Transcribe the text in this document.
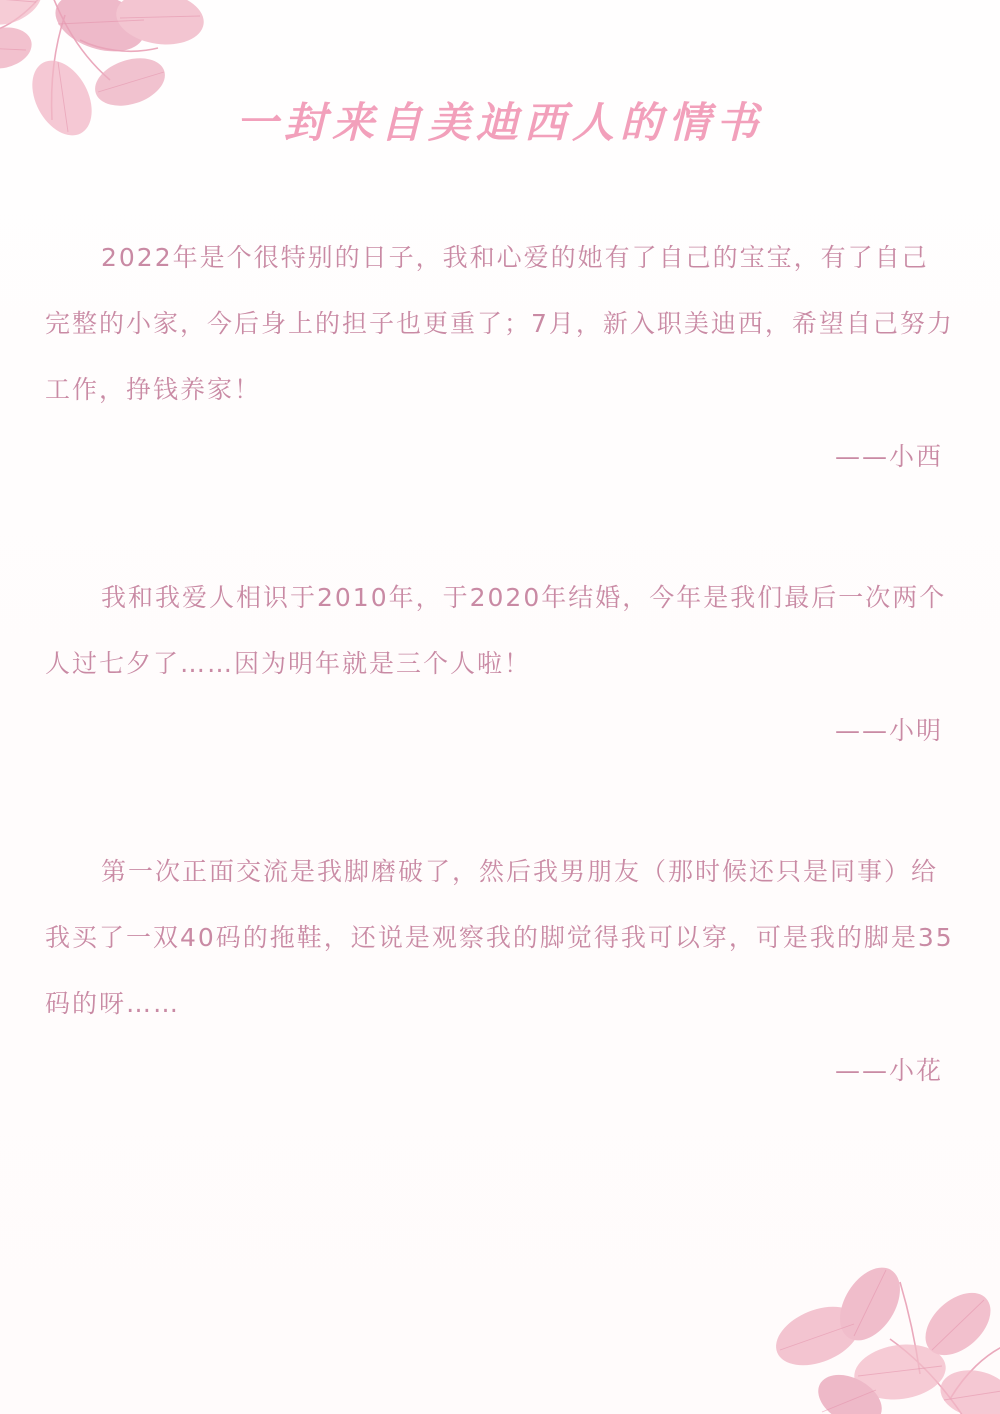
一封来自美迪西人的情书

2022年是个很特别的日子，我和心爱的她有了自己的宝宝，有了自己完整的小家，今后身上的担子也更重了；7月，新入职美迪西，希望自己努力工作，挣钱养家！

——小西

我和我爱人相识于2010年，于2020年结婚，今年是我们最后一次两个人过七夕了……因为明年就是三个人啦！

——小明

第一次正面交流是我脚磨破了，然后我男朋友（那时候还只是同事）给我买了一双40码的拖鞋，还说是观察我的脚觉得我可以穿，可是我的脚是35码的呀……

——小花
